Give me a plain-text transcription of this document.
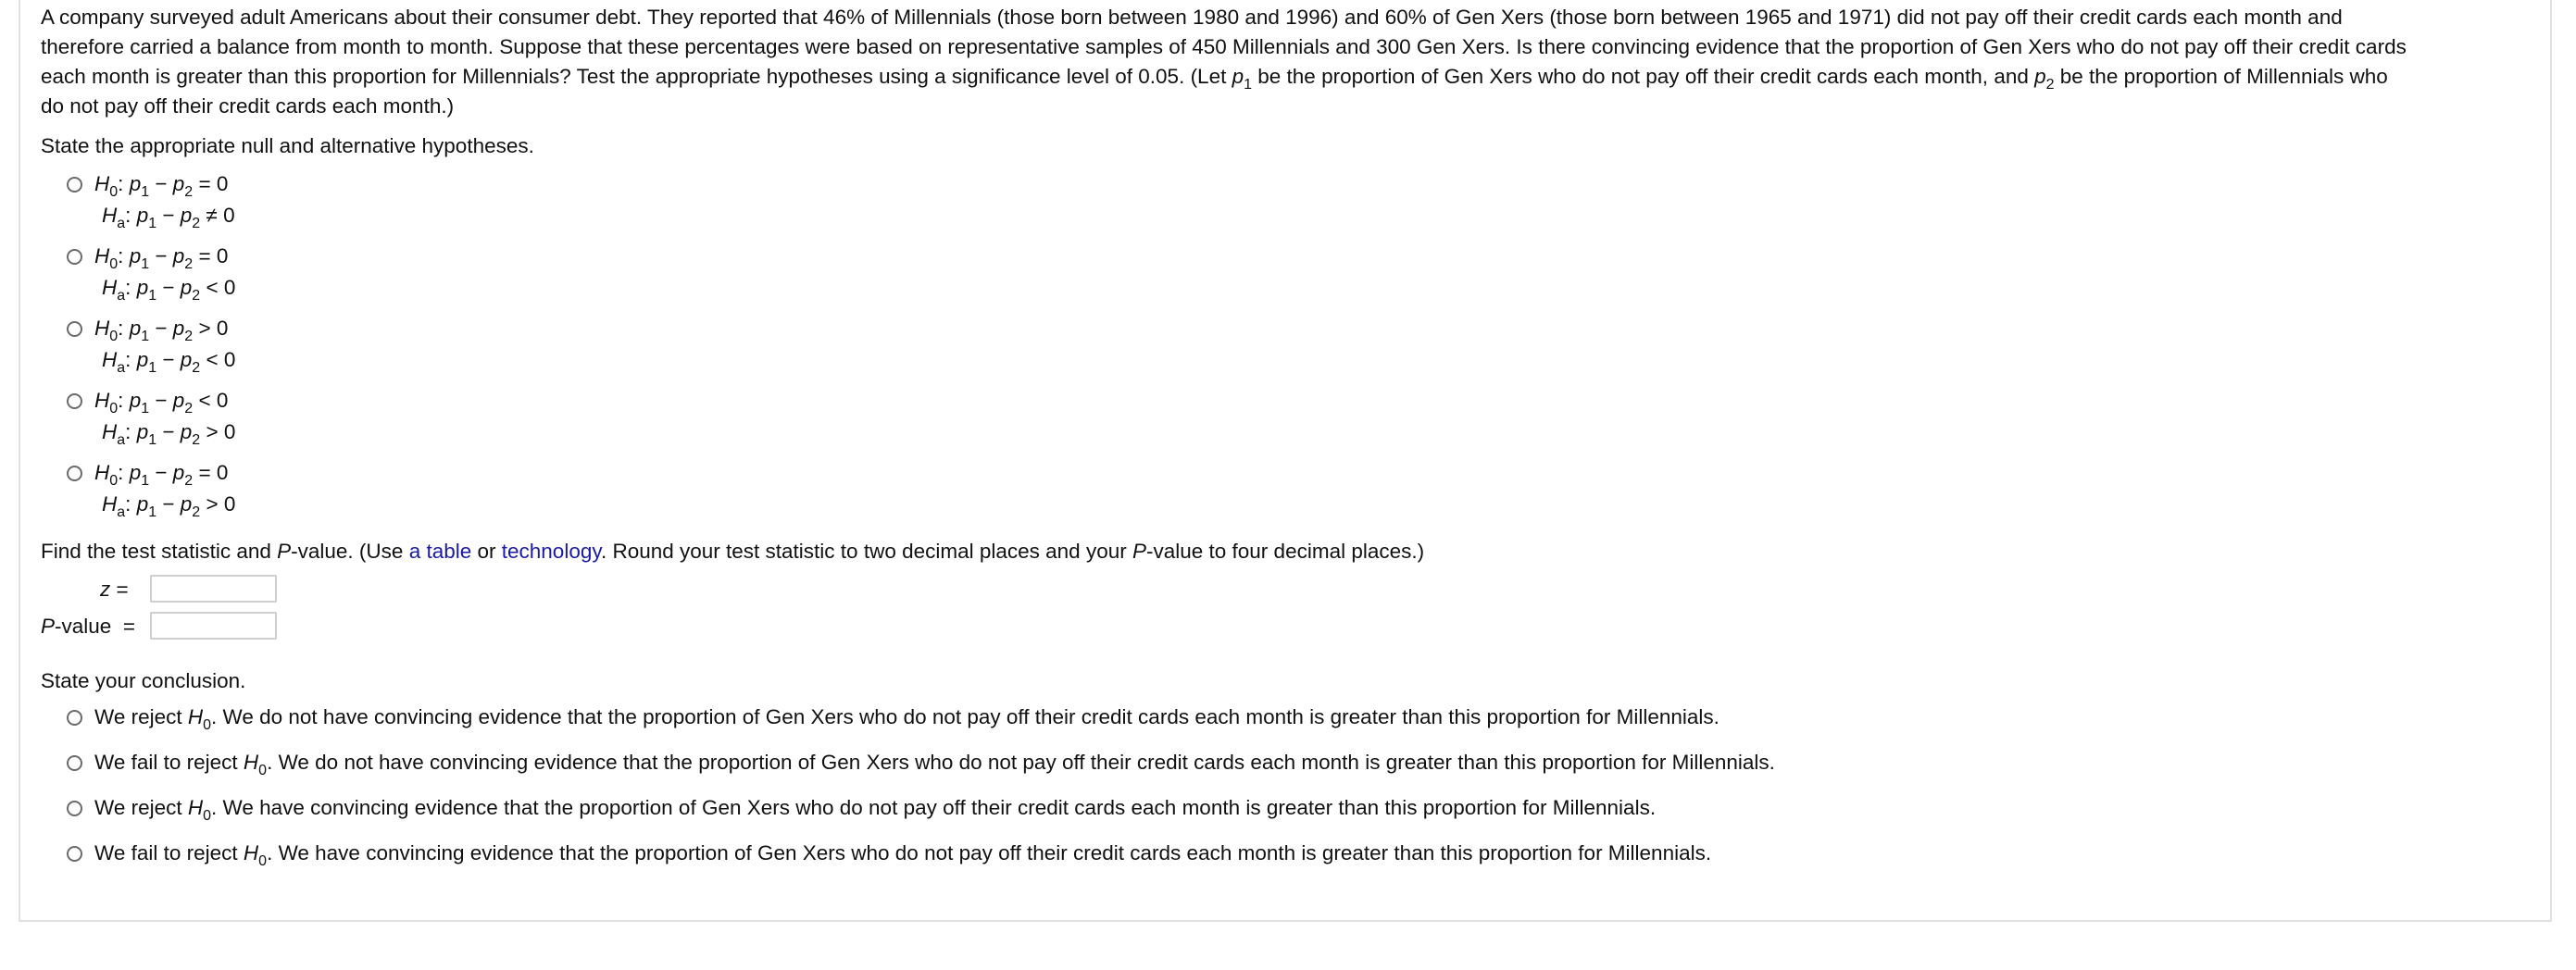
A company surveyed adult Americans about their consumer debt. They reported that 46% of Millennials (those born between 1980 and 1996) and 60% of Gen Xers (those born between 1965 and 1971) did not pay off their credit cards each month and

therefore carried a balance from month to month. Suppose that these percentages were based on representative samples of 450 Millennials and 300 Gen Xers. Is there convincing evidence that the proportion of Gen Xers who do not pay off their credit cards

each month is greater than this proportion for Millennials? Test the appropriate hypotheses using a significance level of 0.05. (Let $p_1$ be the proportion of Gen Xers who do not pay off their credit cards each month, and $p_2$ be the proportion of Millennials who

do not pay off their credit cards each month.)

State the appropriate null and alternative hypotheses.
$H_0$: $p_1 - p_2 = 0$
$H_a$: $p_1 - p_2 \ne 0$
$H_0$: $p_1 - p_2 = 0$
$H_a$: $p_1 - p_2 < 0$
$H_0$: $p_1 - p_2 > 0$
$H_a$: $p_1 - p_2 < 0$
$H_0$: $p_1 - p_2 < 0$
$H_a$: $p_1 - p_2 > 0$
$H_0$: $p_1 - p_2 = 0$
$H_a$: $p_1 - p_2 > 0$
Find the test statistic and P-value. (Use a table or technology. Round your test statistic to two decimal places and your P-value to four decimal places.)
z =
P-value =
State your conclusion.
We reject $H_0$. We do not have convincing evidence that the proportion of Gen Xers who do not pay off their credit cards each month is greater than this proportion for Millennials.
We fail to reject $H_0$. We do not have convincing evidence that the proportion of Gen Xers who do not pay off their credit cards each month is greater than this proportion for Millennials.
We reject $H_0$. We have convincing evidence that the proportion of Gen Xers who do not pay off their credit cards each month is greater than this proportion for Millennials.
We fail to reject $H_0$. We have convincing evidence that the proportion of Gen Xers who do not pay off their credit cards each month is greater than this proportion for Millennials.
